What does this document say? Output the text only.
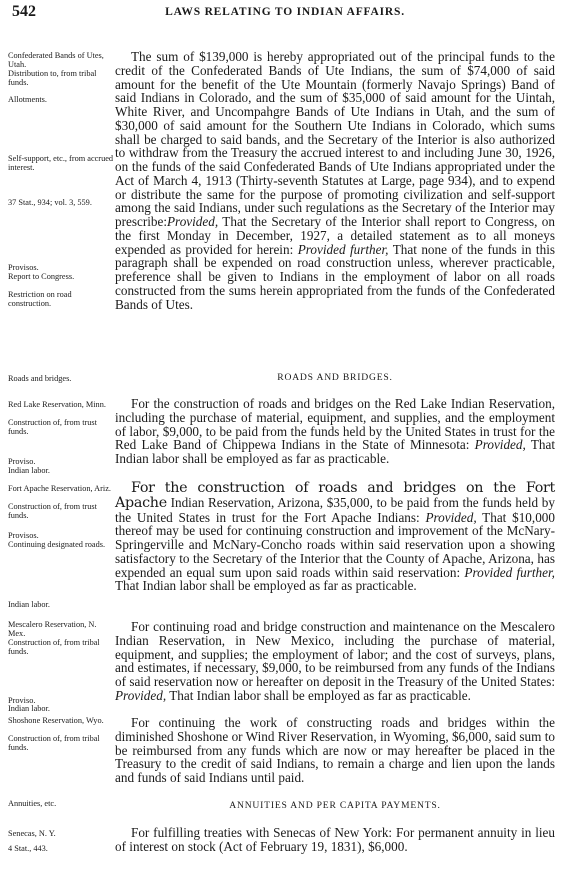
542	LAWS RELATING TO INDIAN AFFAIRS.
Confederated Bands of Utes, Utah.
Distribution to, from tribal funds.
Allotments.
Self-support, etc., from accrued interest.
37 Stat., 934; vol. 3, 559.
Provisos.
Report to Congress.
Restriction on road construction.
Roads and bridges.
Red Lake Reservation, Minn.
Construction of, from trust funds.
Proviso.
Indian labor.
Fort Apache Reservation, Ariz.
Construction of, from trust funds.
Provisos.
Continuing designated roads.
Indian labor.
Mescalero Reservation, N. Mex.
Construction of, from tribal funds.
Proviso.
Indian labor.
Shoshone Reservation, Wyo.
Construction of, from tribal funds.
Annuities, etc.
Senecas, N. Y.
4 Stat., 443.

The sum of $139,000 is hereby appropriated out of the principal funds to the credit of the Confederated Bands of Ute Indians, the sum of $74,000 of said amount for the benefit of the Ute Mountain (formerly Navajo Springs) Band of said Indians in Colorado, and the sum of $35,000 of said amount for the Uintah, White River, and Uncompahgre Bands of Ute Indians in Utah, and the sum of $30,000 of said amount for the Southern Ute Indians in Colorado, which sums shall be charged to said bands, and the Secretary of the Interior is also authorized to withdraw from the Treasury the accrued interest to and including June 30, 1926, on the funds of the said Confederated Bands of Ute Indians appropriated under the Act of March 4, 1913 (Thirty-seventh Statutes at Large, page 934), and to expend or distribute the same for the purpose of promoting civilization and self-support among the said Indians, under such regulations as the Secretary of the Interior may prescribe:Provided, That the Secretary of the Interior shall report to Congress, on the first Monday in December, 1927, a detailed statement as to all moneys expended as provided for herein: Provided further, That none of the funds in this paragraph shall be expended on road construction unless, wherever practicable, preference shall be given to Indians in the employment of labor on all roads constructed from the sums herein appropriated from the funds of the Confederated Bands of Utes.

ROADS AND BRIDGES.

For the construction of roads and bridges on the Red Lake Indian Reservation, including the purchase of material, equipment, and supplies, and the employment of labor, $9,000, to be paid from the funds held by the United States in trust for the Red Lake Band of Chippewa Indians in the State of Minnesota: Provided, That Indian labor shall be employed as far as practicable.

For the construction of roads and bridges on the Fort Apache Indian Reservation, Arizona, $35,000, to be paid from the funds held by the United States in trust for the Fort Apache Indians: Provided, That $10,000 thereof may be used for continuing construction and improvement of the McNary-Springerville and McNary-Concho roads within said reservation upon a showing satisfactory to the Secretary of the Interior that the County of Apache, Arizona, has expended an equal sum upon said roads within said reservation: Provided further, That Indian labor shall be employed as far as practicable.

For continuing road and bridge construction and maintenance on the Mescalero Indian Reservation, in New Mexico, including the purchase of material, equipment, and supplies; the employment of labor; and the cost of surveys, plans, and estimates, if necessary, $9,000, to be reimbursed from any funds of the Indians of said reservation now or hereafter on deposit in the Treasury of the United States: Provided, That Indian labor shall be employed as far as practicable.

For continuing the work of constructing roads and bridges within the diminished Shoshone or Wind River Reservation, in Wyoming, $6,000, said sum to be reimbursed from any funds which are now or may hereafter be placed in the Treasury to the credit of said Indians, to remain a charge and lien upon the lands and funds of said Indians until paid.

ANNUITIES AND PER CAPITA PAYMENTS.

For fulfilling treaties with Senecas of New York: For permanent annuity in lieu of interest on stock (Act of February 19, 1831), $6,000.
